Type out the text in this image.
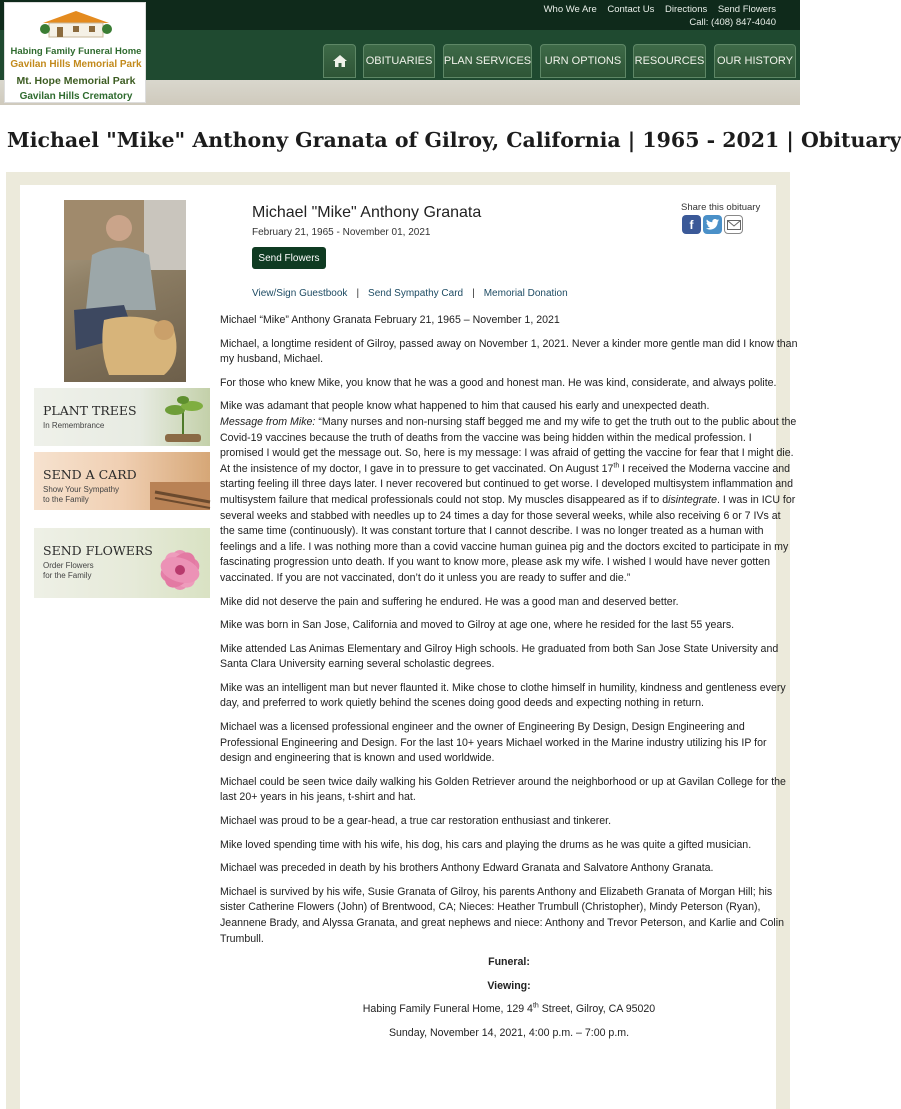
Habing Family Funeral Home
Gavilan Hills Memorial Park
Mt. Hope Memorial Park
Gavilan Hills Crematory
Who We Are Contact Us Directions Send Flowers
Call: (408) 847-4040
OBITUARIES PLAN SERVICES	URN OPTIONS	RESOURCES OUR HISTORY
Michael "Mike" Anthony Granata of Gilroy, California | 1965 - 2021 | Obituary
PLANT TREES
In Remembrance
SEND A CARD
Show Your Sympathy
to the Family
SEND FLOWERS
Order Flowers
for the Family
Michael "Mike" Anthony Granata
February 21, 1965 - November 01, 2021
Send Flowers
View/Sign Guestbook | Send Sympathy Card | Memorial Donation
Share this obituary
f

Michael “Mike” Anthony Granata February 21, 1965 – November 1, 2021

Michael, a longtime resident of Gilroy, passed away on November 1, 2021. Never a kinder more gentle man did I know than my husband, Michael.

For those who knew Mike, you know that he was a good and honest man. He was kind, considerate, and always polite.

Mike was adamant that people know what happened to him that caused his early and unexpected death.
Message from Mike: “Many nurses and non-nursing staff begged me and my wife to get the truth out to the public about the Covid-19 vaccines because the truth of deaths from the vaccine was being hidden within the medical profession. I promised I would get the message out. So, here is my message: I was afraid of getting the vaccine for fear that I might die. At the insistence of my doctor, I gave in to pressure to get vaccinated. On August 17th I received the Moderna vaccine and starting feeling ill three days later. I never recovered but continued to get worse. I developed multisystem inflammation and multisystem failure that medical professionals could not stop. My muscles disappeared as if to disintegrate. I was in ICU for several weeks and stabbed with needles up to 24 times a day for those several weeks, while also receiving 6 or 7 IVs at the same time (continuously). It was constant torture that I cannot describe. I was no longer treated as a human with feelings and a life. I was nothing more than a covid vaccine human guinea pig and the doctors excited to participate in my fascinating progression unto death. If you want to know more, please ask my wife. I wished I would have never gotten vaccinated. If you are not vaccinated, don’t do it unless you are ready to suffer and die.”

Mike did not deserve the pain and suffering he endured. He was a good man and deserved better.

Mike was born in San Jose, California and moved to Gilroy at age one, where he resided for the last 55 years.

Mike attended Las Animas Elementary and Gilroy High schools. He graduated from both San Jose State University and Santa Clara University earning several scholastic degrees.

Mike was an intelligent man but never flaunted it. Mike chose to clothe himself in humility, kindness and gentleness every day, and preferred to work quietly behind the scenes doing good deeds and expecting nothing in return.

Michael was a licensed professional engineer and the owner of Engineering By Design, Design Engineering and Professional Engineering and Design. For the last 10+ years Michael worked in the Marine industry utilizing his IP for design and engineering that is known and used worldwide.

Michael could be seen twice daily walking his Golden Retriever around the neighborhood or up at Gavilan College for the last 20+ years in his jeans, t-shirt and hat.

Michael was proud to be a gear-head, a true car restoration enthusiast and tinkerer.

Mike loved spending time with his wife, his dog, his cars and playing the drums as he was quite a gifted musician.

Michael was preceded in death by his brothers Anthony Edward Granata and Salvatore Anthony Granata.

Michael is survived by his wife, Susie Granata of Gilroy, his parents Anthony and Elizabeth Granata of Morgan Hill; his sister Catherine Flowers (John) of Brentwood, CA; Nieces: Heather Trumbull (Christopher), Mindy Peterson (Ryan), Jeannene Brady, and Alyssa Granata, and great nephews and niece: Anthony and Trevor Peterson, and Karlie and Colin Trumbull.

Funeral:

Viewing:

Habing Family Funeral Home, 129 4th Street, Gilroy, CA 95020

Sunday, November 14, 2021, 4:00 p.m. – 7:00 p.m.
